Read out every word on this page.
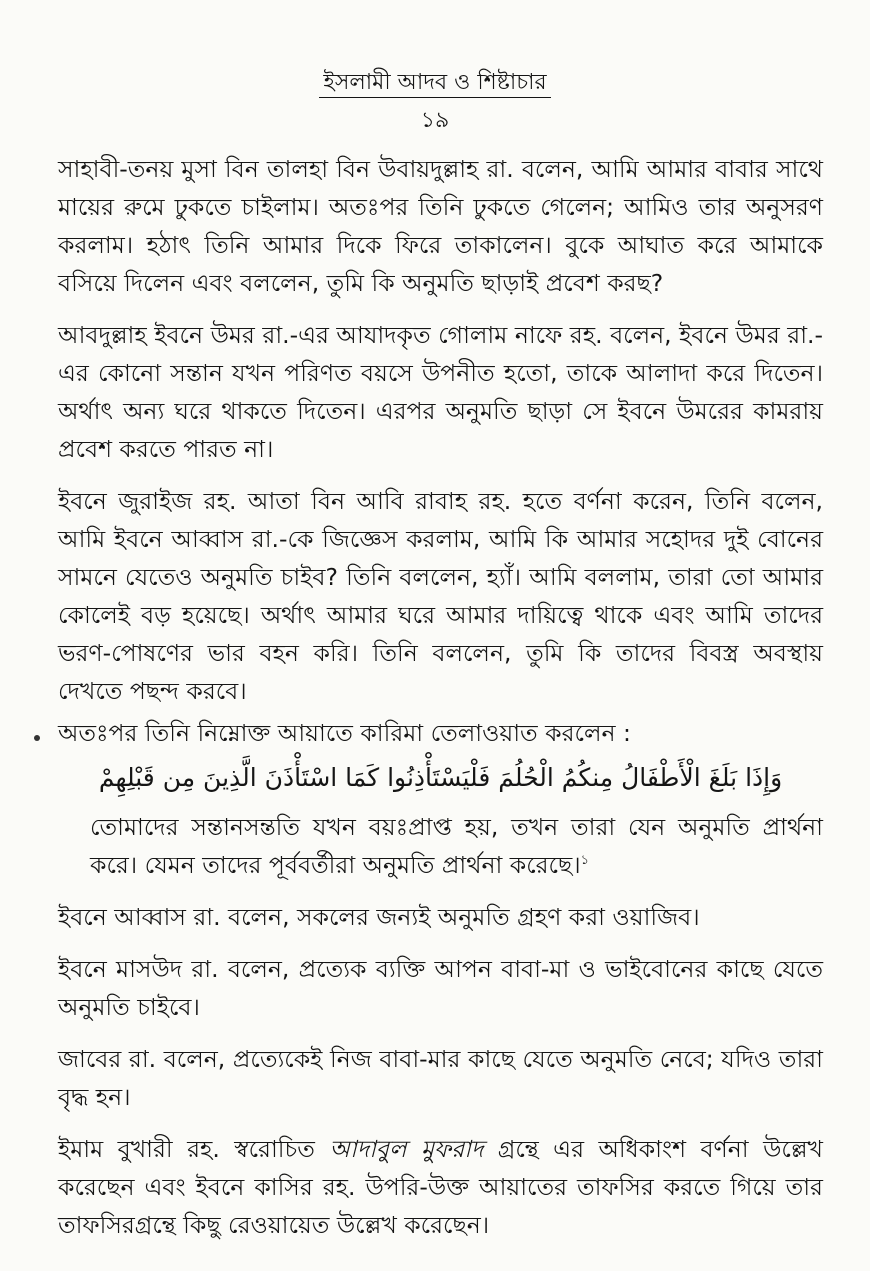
ইসলামী আদব ও শিষ্টাচার
১৯

সাহাবী-তনয় মুসা বিন তালহা বিন উবায়দুল্লাহ রা. বলেন, আমি আমার বাবার সাথে মায়ের রুমে ঢুকতে চাইলাম। অতঃপর তিনি ঢুকতে গেলেন; আমিও তার অনুসরণ করলাম। হঠাৎ তিনি আমার দিকে ফিরে তাকালেন। বুকে আঘাত করে আমাকে বসিয়ে দিলেন এবং বললেন, তুমি কি অনুমতি ছাড়াই প্রবেশ করছ?

আবদুল্লাহ ইবনে উমর রা.-এর আযাদকৃত গোলাম নাফে রহ. বলেন, ইবনে উমর রা.-এর কোনো সন্তান যখন পরিণত বয়সে উপনীত হতো, তাকে আলাদা করে দিতেন। অর্থাৎ অন্য ঘরে থাকতে দিতেন। এরপর অনুমতি ছাড়া সে ইবনে উমরের কামরায় প্রবেশ করতে পারত না।

ইবনে জুরাইজ রহ. আতা বিন আবি রাবাহ রহ. হতে বর্ণনা করেন, তিনি বলেন, আমি ইবনে আব্বাস রা.-কে জিজ্ঞেস করলাম, আমি কি আমার সহোদর দুই বোনের সামনে যেতেও অনুমতি চাইব? তিনি বললেন, হ্যাঁ। আমি বললাম, তারা তো আমার কোলেই বড় হয়েছে। অর্থাৎ আমার ঘরে আমার দায়িত্বে থাকে এবং আমি তাদের ভরণ-পোষণের ভার বহন করি। তিনি বললেন, তুমি কি তাদের বিবস্ত্র অবস্থায় দেখতে পছন্দ করবে।

অতঃপর তিনি নিম্নোক্ত আয়াতে কারিমা তেলাওয়াত করলেন :

وَإِذَا بَلَغَ الْأَطْفَالُ مِنكُمُ الْحُلُمَ فَلْيَسْتَأْذِنُوا كَمَا اسْتَأْذَنَ الَّذِينَ مِن قَبْلِهِمْ

তোমাদের সন্তানসন্ততি যখন বয়ঃপ্রাপ্ত হয়, তখন তারা যেন অনুমতি প্রার্থনা করে। যেমন তাদের পূর্ববর্তীরা অনুমতি প্রার্থনা করেছে।$^১$

ইবনে আব্বাস রা. বলেন, সকলের জন্যই অনুমতি গ্রহণ করা ওয়াজিব।

ইবনে মাসউদ রা. বলেন, প্রত্যেক ব্যক্তি আপন বাবা-মা ও ভাইবোনের কাছে যেতে অনুমতি চাইবে।

জাবের রা. বলেন, প্রত্যেকেই নিজ বাবা-মার কাছে যেতে অনুমতি নেবে; যদিও তারা বৃদ্ধ হন।

ইমাম বুখারী রহ. স্বরোচিত আদাবুল মুফরাদ গ্রন্থে এর অধিকাংশ বর্ণনা উল্লেখ করেছেন এবং ইবনে কাসির রহ. উপরি-উক্ত আয়াতের তাফসির করতে গিয়ে তার তাফসিরগ্রন্থে কিছু রেওয়ায়েত উল্লেখ করেছেন।
